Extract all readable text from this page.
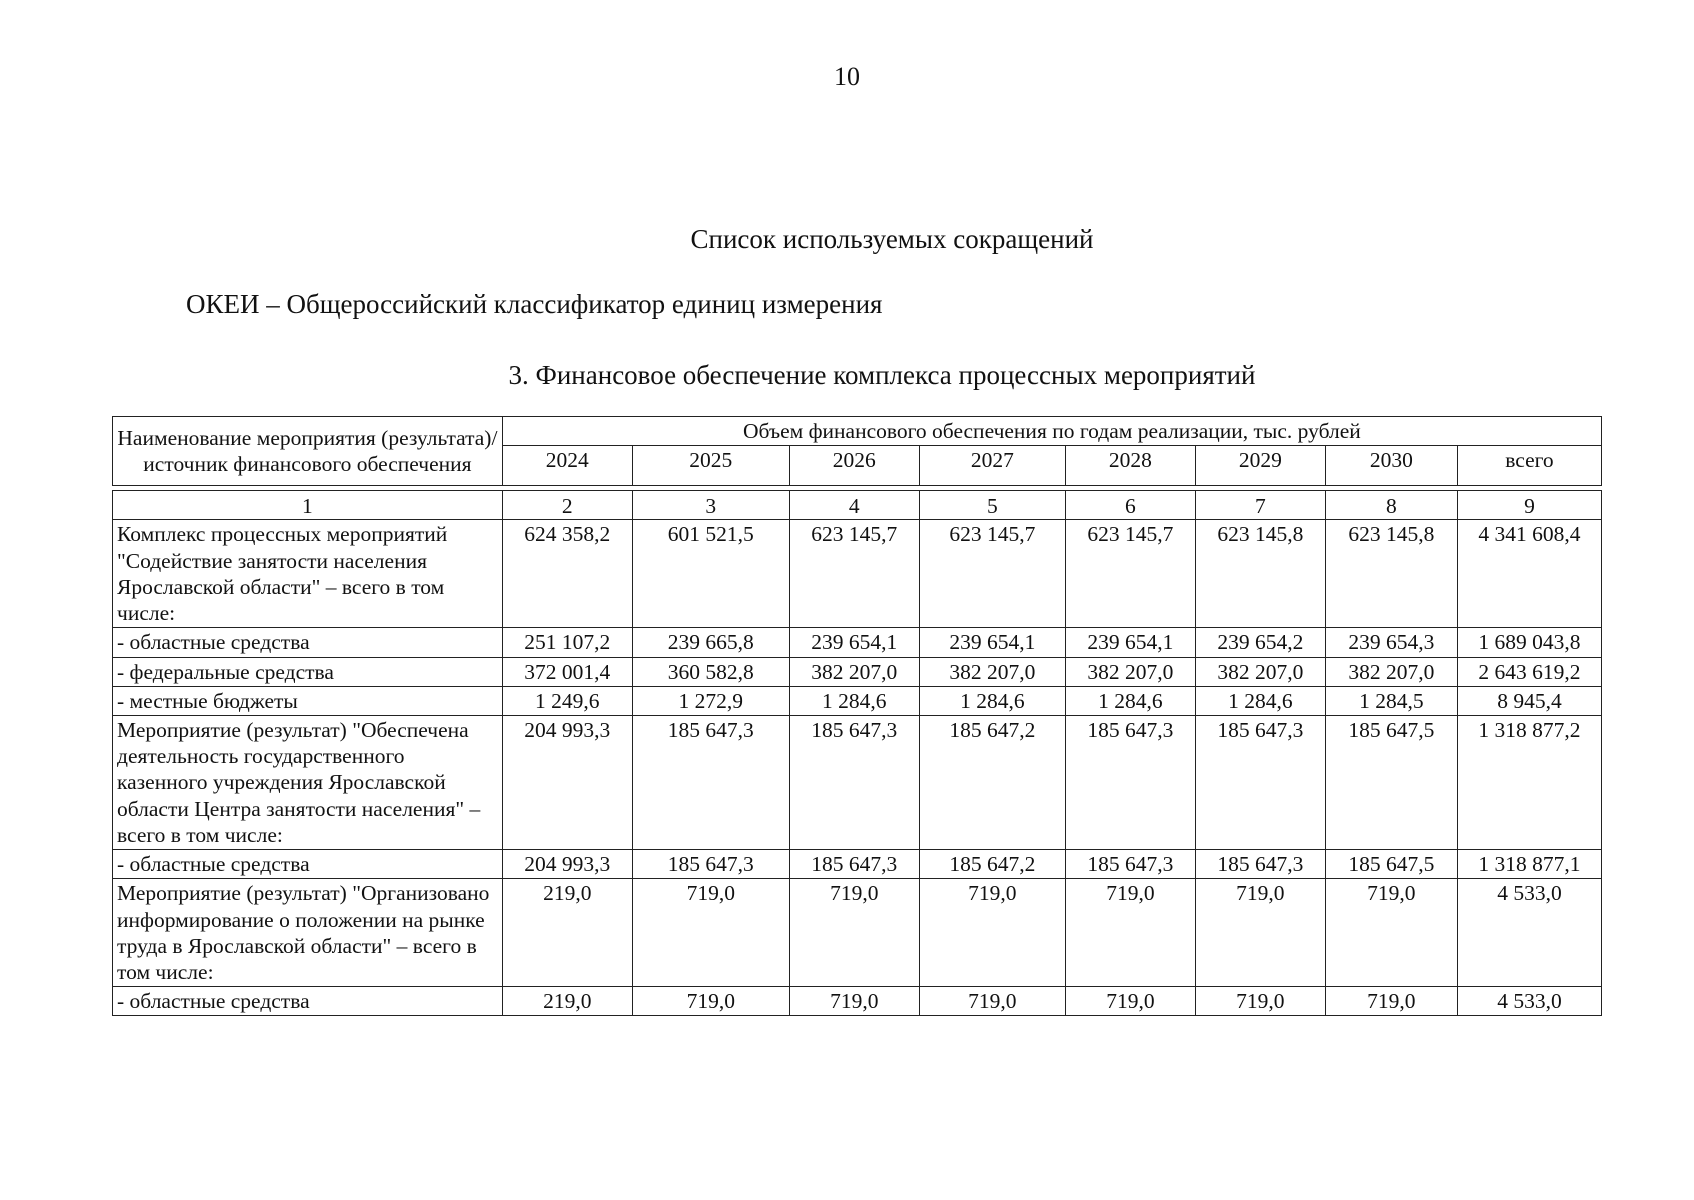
10
Список используемых сокращений
ОКЕИ – Общероссийский классификатор единиц измерения
3. Финансовое обеспечение комплекса процессных мероприятий
Наименование мероприятия (результата)/ источник финансового обеспечения	Объем финансового обеспечения по годам реализации, тыс. рублей							
	2024	2025	2026	2027	2028	2029	2030	всего

1	2	3	4	5	6	7	8	9
Комплекс процессных мероприятий "Содействие занятости населения Ярославской области" – всего в том числе:	624 358,2	601 521,5	623 145,7	623 145,7	623 145,7	623 145,8	623 145,8	4 341 608,4
- областные средства	251 107,2	239 665,8	239 654,1	239 654,1	239 654,1	239 654,2	239 654,3	1 689 043,8
- федеральные средства	372 001,4	360 582,8	382 207,0	382 207,0	382 207,0	382 207,0	382 207,0	2 643 619,2
- местные бюджеты	1 249,6	1 272,9	1 284,6	1 284,6	1 284,6	1 284,6	1 284,5	8 945,4
Мероприятие (результат) "Обеспечена деятельность государственного казенного учреждения Ярославской области Центра занятости населения" – всего в том числе:	204 993,3	185 647,3	185 647,3	185 647,2	185 647,3	185 647,3	185 647,5	1 318 877,2
- областные средства	204 993,3	185 647,3	185 647,3	185 647,2	185 647,3	185 647,3	185 647,5	1 318 877,1
Мероприятие (результат) "Организовано информирование о положении на рынке труда в Ярославской области" – всего в том числе:	219,0	719,0	719,0	719,0	719,0	719,0	719,0	4 533,0
- областные средства	219,0	719,0	719,0	719,0	719,0	719,0	719,0	4 533,0
